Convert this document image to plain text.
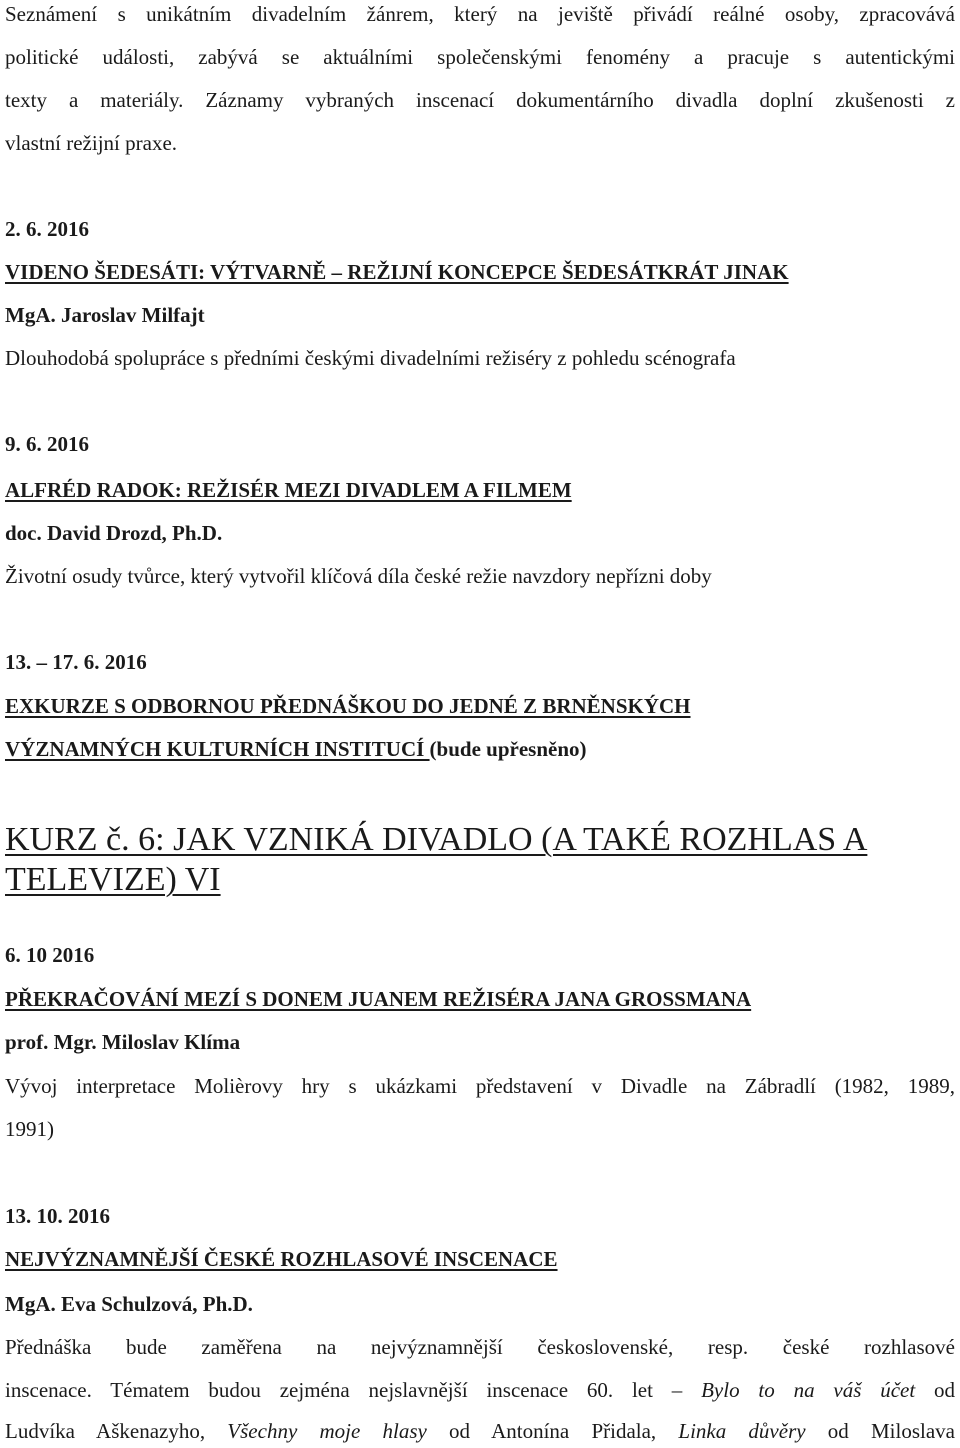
Seznámení s unikátním divadelním žánrem, který na jeviště přivádí reálné osoby, zpracovává
politické události, zabývá se aktuálními společenskými fenomény a pracuje s autentickými
texty a materiály. Záznamy vybraných inscenací dokumentárního divadla doplní zkušenosti z
vlastní režijní praxe.
2. 6. 2016
VIDENO ŠEDESÁTI: VÝTVARNĚ – REŽIJNÍ KONCEPCE ŠEDESÁTKRÁT JINAK
MgA. Jaroslav Milfajt
Dlouhodobá spolupráce s předními českými divadelními režiséry z pohledu scénografa
9. 6. 2016
ALFRÉD RADOK: REŽISÉR MEZI DIVADLEM A FILMEM
doc. David Drozd, Ph.D.
Životní osudy tvůrce, který vytvořil klíčová díla české režie navzdory nepřízni doby
13. – 17. 6. 2016
EXKURZE S ODBORNOU PŘEDNÁŠKOU DO JEDNÉ Z BRNĚNSKÝCH
VÝZNAMNÝCH KULTURNÍCH INSTITUCÍ (bude upřesněno)
KURZ č. 6: JAK VZNIKÁ DIVADLO (A TAKÉ ROZHLAS A
TELEVIZE) VI
6. 10 2016
PŘEKRAČOVÁNÍ MEZÍ S DONEM JUANEM REŽISÉRA JANA GROSSMANA
prof. Mgr. Miloslav Klíma
Vývoj interpretace Molièrovy hry s ukázkami představení v Divadle na Zábradlí (1982, 1989,
1991)
13. 10. 2016
NEJVÝZNAMNĚJŠÍ ČESKÉ ROZHLASOVÉ INSCENACE
MgA. Eva Schulzová, Ph.D.
Přednáška bude zaměřena na nejvýznamnější československé, resp. české rozhlasové
inscenace. Tématem budou zejména nejslavnější inscenace 60. let – Bylo to na váš účet od
Ludvíka Aškenazyho, Všechny moje hlasy od Antonína Přidala, Linka důvěry od Miloslava
